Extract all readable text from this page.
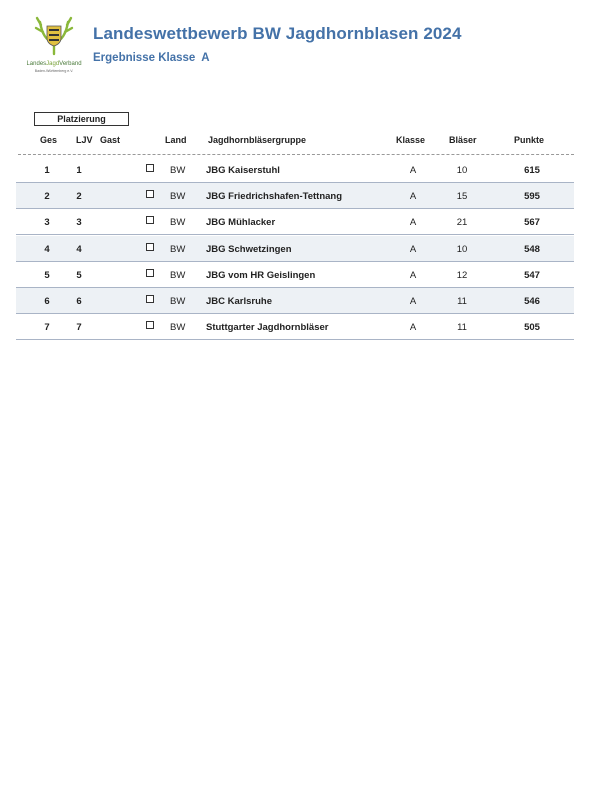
LandesJagdVerband
Baden-Württemberg e.V.
Landeswettbewerb BW Jagdhornblasen 2024
Ergebnisse Klasse A
Platzierung
Ges LJV Gast	Land Jagdhornbläsergruppe	Klasse	Bläser	Punkte
1	1	BW	JBG Kaiserstuhl	A	10	615
2	2	BW	JBG Friedrichshafen-Tettnang	A	15	595
3	3	BW	JBG Mühlacker	A	21	567
4	4	BW	JBG Schwetzingen	A	10	548
5	5	BW	JBG vom HR Geislingen	A	12	547
6	6	BW	JBC Karlsruhe	A	11	546
7	7	BW	Stuttgarter Jagdhornbläser	A	11	505
